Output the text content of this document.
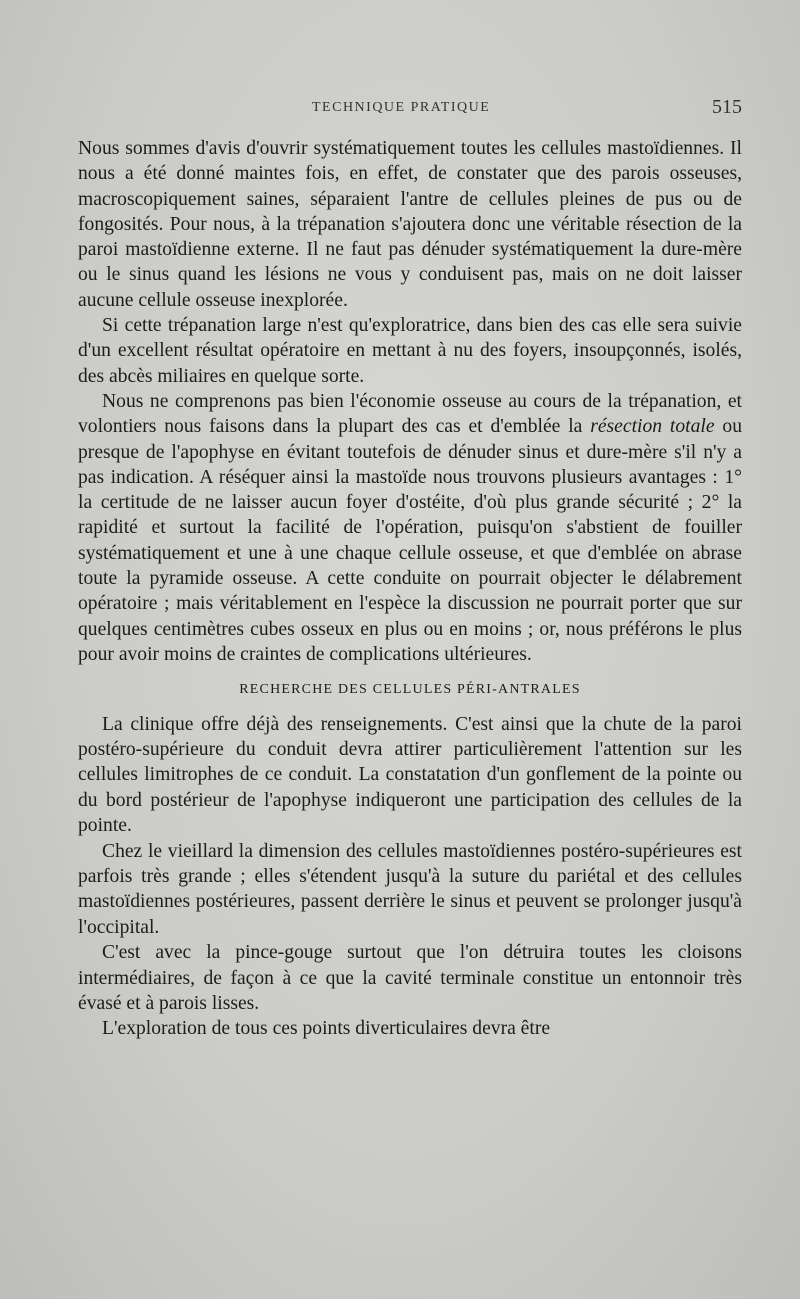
TECHNIQUE PRATIQUE	515

Nous sommes d'avis d'ouvrir systématiquement toutes les cellules mastoïdiennes. Il nous a été donné maintes fois, en effet, de constater que des parois osseuses, macroscopiquement saines, séparaient l'antre de cellules pleines de pus ou de fongosités. Pour nous, à la trépanation s'ajoutera donc une véritable résection de la paroi mastoïdienne externe. Il ne faut pas dénuder systématiquement la dure-mère ou le sinus quand les lésions ne vous y conduisent pas, mais on ne doit laisser aucune cellule osseuse inexplorée.

Si cette trépanation large n'est qu'exploratrice, dans bien des cas elle sera suivie d'un excellent résultat opératoire en mettant à nu des foyers, insoupçonnés, isolés, des abcès miliaires en quelque sorte.

Nous ne comprenons pas bien l'économie osseuse au cours de la trépanation, et volontiers nous faisons dans la plupart des cas et d'emblée la résection totale ou presque de l'apophyse en évitant toutefois de dénuder sinus et dure-mère s'il n'y a pas indication. A réséquer ainsi la mastoïde nous trouvons plusieurs avantages : 1° la certitude de ne laisser aucun foyer d'ostéite, d'où plus grande sécurité ; 2° la rapidité et surtout la facilité de l'opération, puisqu'on s'abstient de fouiller systématiquement et une à une chaque cellule osseuse, et que d'emblée on abrase toute la pyramide osseuse. A cette conduite on pourrait objecter le délabrement opératoire ; mais véritablement en l'espèce la discussion ne pourrait porter que sur quelques centimètres cubes osseux en plus ou en moins ; or, nous préférons le plus pour avoir moins de craintes de complications ultérieures.

RECHERCHE DES CELLULES PÉRI-ANTRALES

La clinique offre déjà des renseignements. C'est ainsi que la chute de la paroi postéro-supérieure du conduit devra attirer particulièrement l'attention sur les cellules limitrophes de ce conduit. La constatation d'un gonflement de la pointe ou du bord postérieur de l'apophyse indiqueront une participation des cellules de la pointe.

Chez le vieillard la dimension des cellules mastoïdiennes postéro-supérieures est parfois très grande ; elles s'étendent jusqu'à la suture du pariétal et des cellules mastoïdiennes postérieures, passent derrière le sinus et peuvent se prolonger jusqu'à l'occipital.

C'est avec la pince-gouge surtout que l'on détruira toutes les cloisons intermédiaires, de façon à ce que la cavité terminale constitue un entonnoir très évasé et à parois lisses.

L'exploration de tous ces points diverticulaires devra être
